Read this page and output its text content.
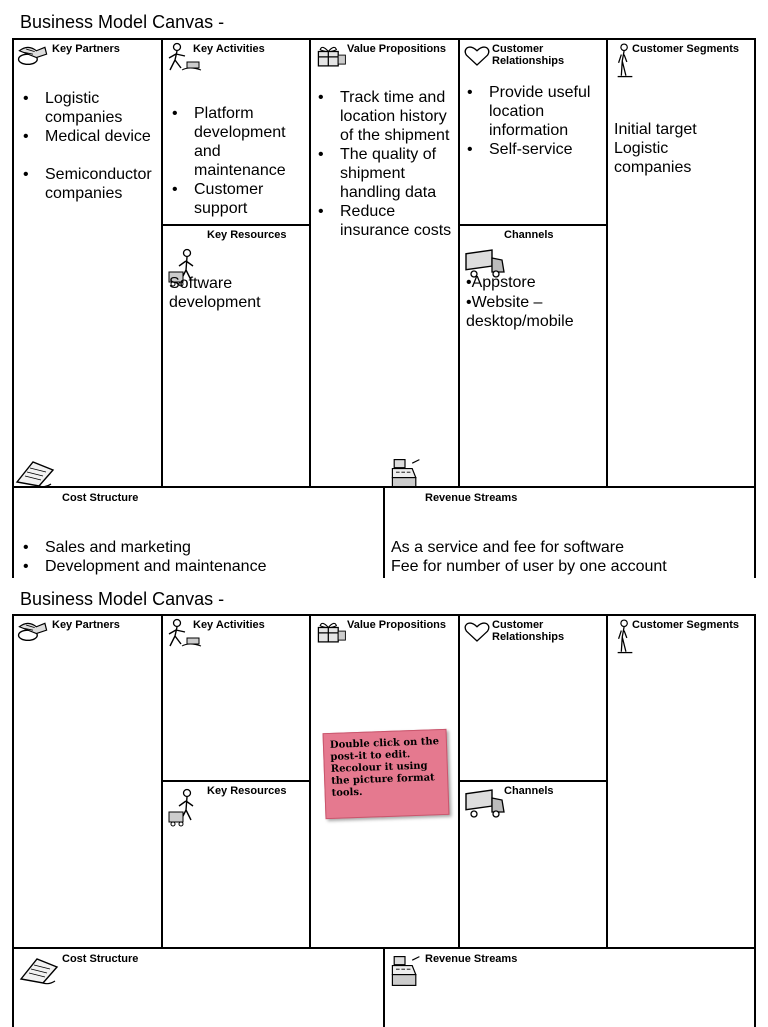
Business Model Canvas -
Key Partners
• Logistic companies
• Medical device
• Semiconductor companies
Key Activities
• Platform development and maintenance
• Customer support
Key Resources
Software development
Value Propositions
• Track time and location history of the shipment
• The quality of shipment handling data
• Reduce insurance costs
Customer Relationships
• Provide useful location information
• Self-service
Channels
•Appstore
•Website – desktop/mobile
Customer Segments
Initial target Logistic companies
Cost Structure
• Sales and marketing
• Development and maintenance
Revenue Streams
As a service and fee for software
Fee for number of user by one account
Business Model Canvas -
Key Partners	Key Activities
Key Resources
Value Propositions	Customer Relationships
Channels
Customer Segments
Cost Structure	Revenue Streams
Double click on the post-it to edit. Recolour it using the picture format tools.
